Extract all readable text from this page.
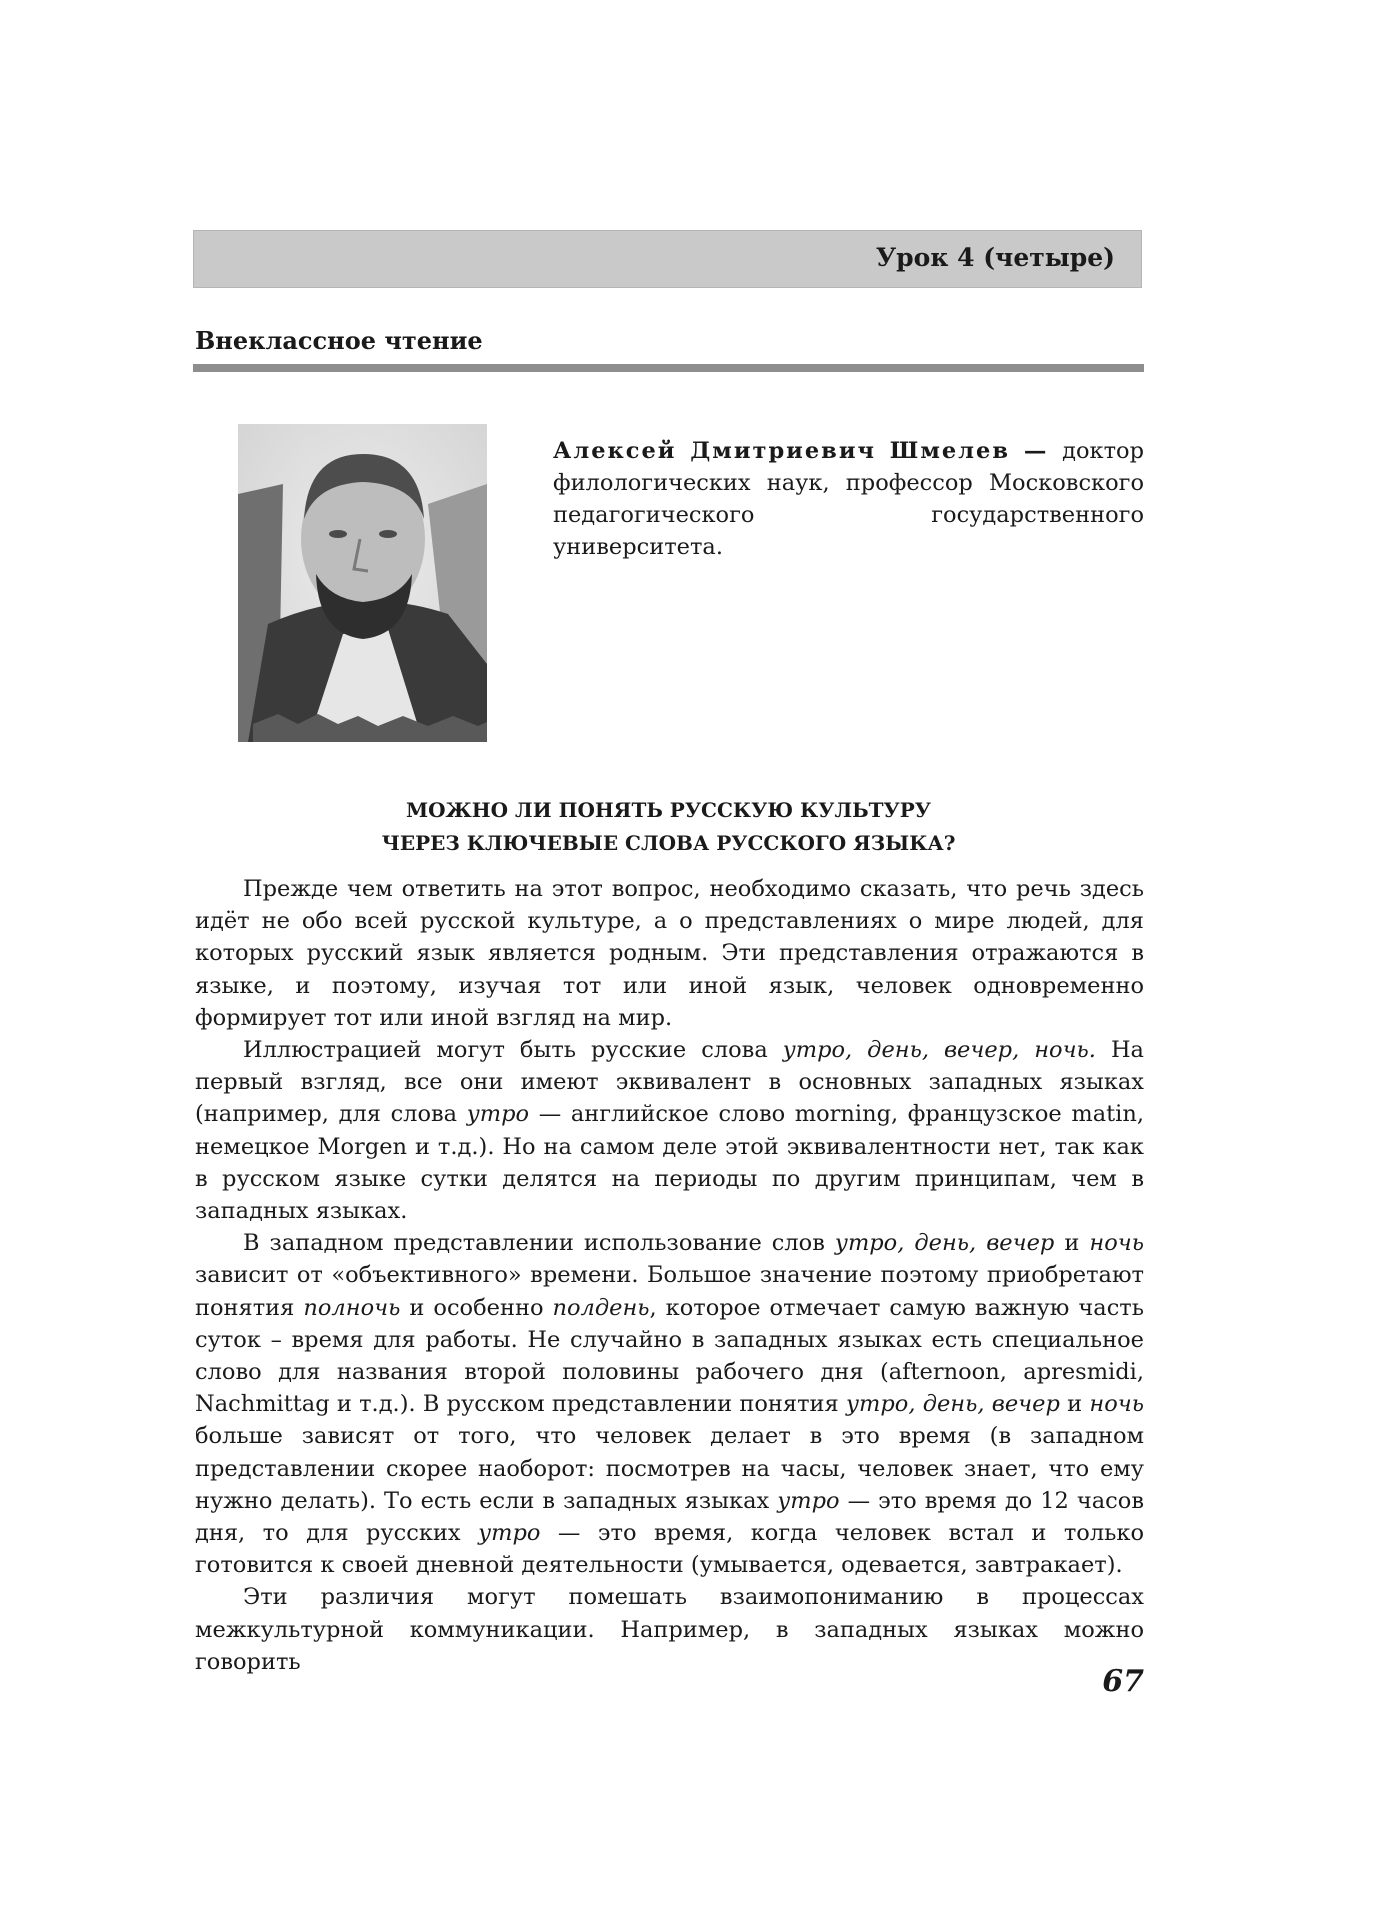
Урок 4 (четыре)
Внеклассное чтение
Алексей Дмитриевич Шмелев — доктор филологических наук, профессор Московского педагогического государственного университета.
МОЖНО ЛИ ПОНЯТЬ РУССКУЮ КУЛЬТУРУ
ЧЕРЕЗ КЛЮЧЕВЫЕ СЛОВА РУССКОГО ЯЗЫКА?

Прежде чем ответить на этот вопрос, необходимо сказать, что речь здесь идёт не обо всей русской культуре, а о представлениях о мире людей, для которых русский язык является родным. Эти представления отражаются в языке, и поэтому, изучая тот или иной язык, человек одновременно формирует тот или иной взгляд на мир.

Иллюстрацией могут быть русские слова утро, день, вечер, ночь. На первый взгляд, все они имеют эквивалент в основных западных языках (например, для слова утро — английское слово morning, французское matin, немецкое Morgen и т.д.). Но на самом деле этой эквивалентности нет, так как в русском языке сутки делятся на периоды по другим принципам, чем в западных языках.

В западном представлении использование слов утро, день, вечер и ночь зависит от «объективного» времени. Большое значение поэтому приобретают понятия полночь и особенно полдень, которое отмечает самую важную часть суток – время для работы. Не случайно в западных языках есть специальное слово для названия второй половины рабочего дня (afternoon, apresmidi, Nachmittag и т.д.). В русском представлении понятия утро, день, вечер и ночь больше зависят от того, что человек делает в это время (в западном представлении скорее наоборот: посмотрев на часы, человек знает, что ему нужно делать). То есть если в западных языках утро — это время до 12 часов дня, то для русских утро — это время, когда человек встал и только готовится к своей дневной деятельности (умывается, одевается, завтракает).

Эти различия могут помешать взаимопониманию в процессах межкультурной коммуникации. Например, в западных языках можно говорить

67
